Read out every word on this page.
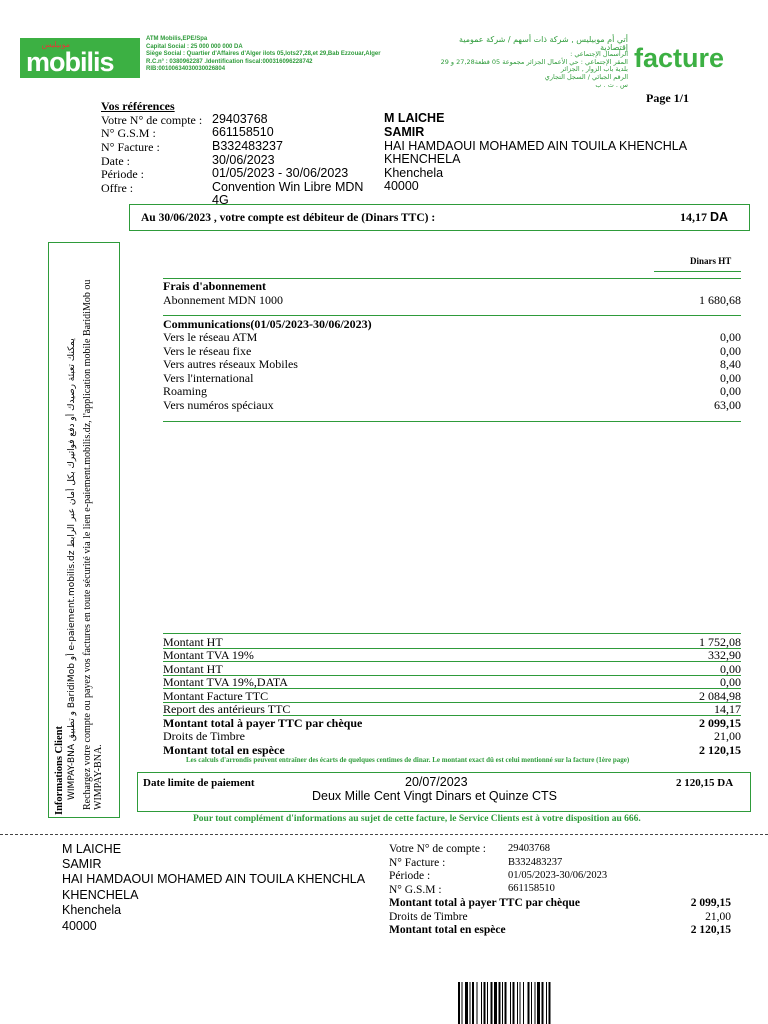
موبيليس
mobilis
ATM Mobilis,EPE/Spa
Capital Social : 25 000 000 000 DA
Siège Social : Quartier d'Affaires d'Alger ilots 05,lots27,28,et 29,Bab Ezzouar,Alger
R.C.n° : 0380962287 .Identification fiscal:000316096228742
RIB:00100634030030026804
أتي أم موبيليس , شركة ذات أسهم / شركة عمومية إقتصادية
الرأسمال الإجتماعي :
المقر الإجتماعي : حي الأعمال الجزائر مجموعة 05 قطعة27,28 و 29 بلدية باب الزوار , الجزائر
الرقم الجبائي / السجل التجاري
س . ت . ب
facture
Page 1/1
Vos références
Votre N° de compte : 29403768
N° G.S.M :	661158510
N° Facture :	B332483237
Date :	30/06/2023
Période :	01/05/2023 - 30/06/2023
Offre :	Convention Win Libre MDN 4G
M LAICHE
SAMIR
HAI HAMDAOUI MOHAMED AIN TOUILA KHENCHLA
KHENCHELA
Khenchela
40000
Au 30/06/2023 , votre compte est débiteur de (Dinars TTC) :	14,17 DA
Informations Client	WIMPAY-BNA.
Rechargez votre compte ou payez vos factures en toute sécurité via le lien e-paiement.mobilis.dz, l'application mobile BaridiMob ou
WIMPAY-BNA و تطبيق BaridiMob أو e-paiement.mobilis.dz يمكنك تعبئة رصيدك أو دفع فواتيرك بكل أمان عبر الرابط
Dinars HT
Frais d'abonnement
Abonnement MDN 1000	1 680,68
Communications(01/05/2023-30/06/2023)
Vers le réseau ATM	0,00
Vers le réseau fixe	0,00
Vers autres réseaux Mobiles	8,40
Vers l'international	0,00
Roaming	0,00
Vers numéros spéciaux	63,00
Montant HT	1 752,08
Montant TVA 19%	332,90
Montant HT	0,00
Montant TVA 19%,DATA	0,00
Montant Facture TTC	2 084,98
Report des antérieurs TTC	14,17
Montant total à payer TTC par chèque	2 099,15
Droits de Timbre	21,00
Montant total en espèce	2 120,15
Les calculs d'arrondis peuvent entraîner des écarts de quelques centimes de dinar. Le montant exact dû est celui mentionné sur la facture (1ère page)
Date limite de paiement	20/07/2023	2 120,15 DA
Deux Mille Cent Vingt Dinars et Quinze CTS
Pour tout complément d'informations au sujet de cette facture, le Service Clients est à votre disposition au 666.
M LAICHE
SAMIR
HAI HAMDAOUI MOHAMED AIN TOUILA KHENCHLA
KHENCHELA
Khenchela
40000
Votre N° de compte : 29403768
N° Facture :	B332483237
Période :	01/05/2023-30/06/2023
N° G.S.M :	661158510
Montant total à payer TTC par chèque	2 099,15
Droits de Timbre	21,00
Montant total en espèce	2 120,15
